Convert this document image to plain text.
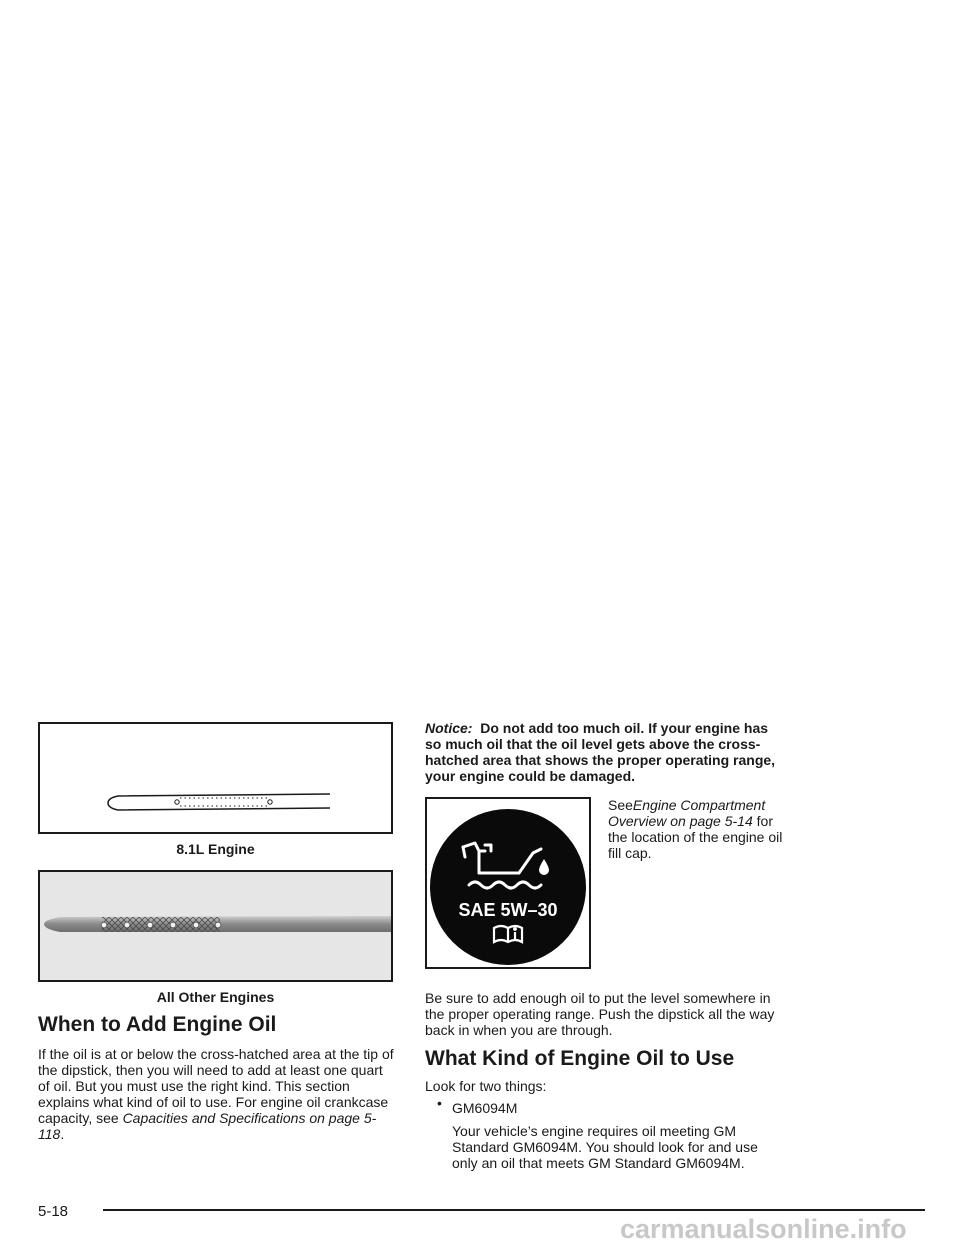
8.1L Engine
All Other Engines
When to Add Engine Oil
If the oil is at or below the cross-hatched area at the tip of the dipstick, then you will need to add at least one quart of oil. But you must use the right kind. This section explains what kind of oil to use. For engine oil crankcase capacity, see Capacities and Specifications on page 5-118.
Notice: Do not add too much oil. If your engine has so much oil that the oil level gets above the cross-hatched area that shows the proper operating range, your engine could be damaged.
SAE 5W–30
SeeEngine Compartment Overview on page 5-14 for the location of the engine oil fill cap.
Be sure to add enough oil to put the level somewhere in the proper operating range. Push the dipstick all the way back in when you are through.
What Kind of Engine Oil to Use
Look for two things:
• GM6094M
Your vehicle’s engine requires oil meeting GM Standard GM6094M. You should look for and use only an oil that meets GM Standard GM6094M.
5-18
carmanualsonline.info
